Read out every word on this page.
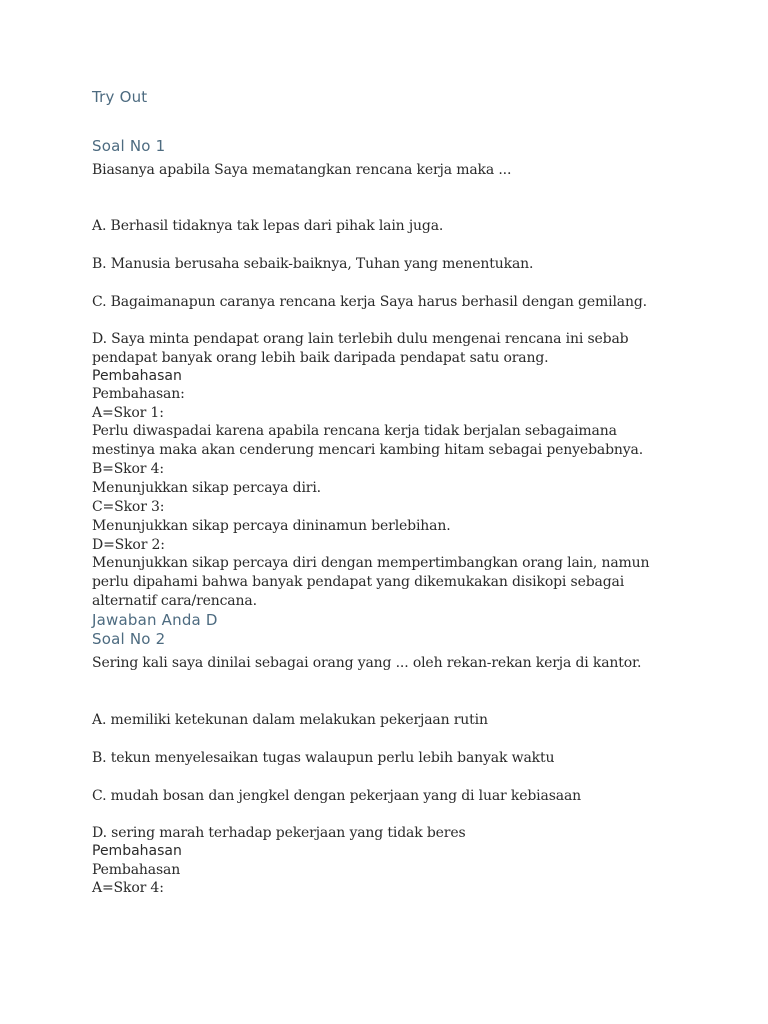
Try Out
Soal No 1
Biasanya apabila Saya mematangkan rencana kerja maka ...
A. Berhasil tidaknya tak lepas dari pihak lain juga.
B. Manusia berusaha sebaik-baiknya, Tuhan yang menentukan.
C. Bagaimanapun caranya rencana kerja Saya harus berhasil dengan gemilang.
D. Saya minta pendapat orang lain terlebih dulu mengenai rencana ini sebab
pendapat banyak orang lebih baik daripada pendapat satu orang.
Pembahasan
Pembahasan:
A=Skor 1:
Perlu diwaspadai karena apabila rencana kerja tidak berjalan sebagaimana
mestinya maka akan cenderung mencari kambing hitam sebagai penyebabnya.
B=Skor 4:
Menunjukkan sikap percaya diri.
C=Skor 3:
Menunjukkan sikap percaya dininamun berlebihan.
D=Skor 2:
Menunjukkan sikap percaya diri dengan mempertimbangkan orang lain, namun
perlu dipahami bahwa banyak pendapat yang dikemukakan disikopi sebagai
alternatif cara/rencana.
Jawaban Anda D
Soal No 2
Sering kali saya dinilai sebagai orang yang ... oleh rekan-rekan kerja di kantor.
A. memiliki ketekunan dalam melakukan pekerjaan rutin
B. tekun menyelesaikan tugas walaupun perlu lebih banyak waktu
C. mudah bosan dan jengkel dengan pekerjaan yang di luar kebiasaan
D. sering marah terhadap pekerjaan yang tidak beres
Pembahasan
Pembahasan
A=Skor 4:
